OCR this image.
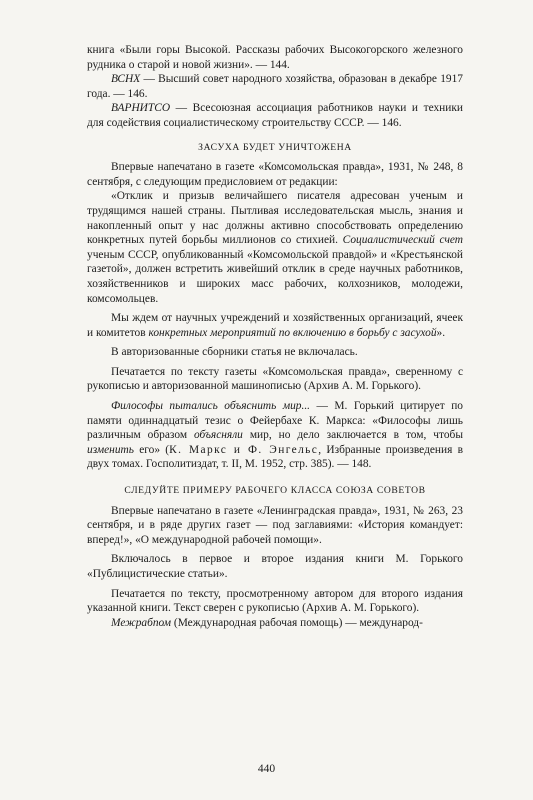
книга «Были горы Высокой. Рассказы рабочих Высокогорского железного рудника о старой и новой жизни». — 144.

ВСНХ — Высший совет народного хозяйства, образован в декабре 1917 года. — 146.

ВАРНИТСО — Всесоюзная ассоциация работников науки и техники для содействия социалистическому строительству СССР. — 146.

ЗАСУХА БУДЕТ УНИЧТОЖЕНА

Впервые напечатано в газете «Комсомольская правда», 1931, № 248, 8 сентября, с следующим предисловием от редакции:

«Отклик и призыв величайшего писателя адресован ученым и трудящимся нашей страны. Пытливая исследовательская мысль, знания и накопленный опыт у нас должны активно способствовать определению конкретных путей борьбы миллионов со стихией. Социалистический счет ученым СССР, опубликованный «Комсомольской правдой» и «Крестьянской газетой», должен встретить живейший отклик в среде научных работников, хозяйственников и широких масс рабочих, колхозников, молодежи, комсомольцев.

Мы ждем от научных учреждений и хозяйственных организаций, ячеек и комитетов конкретных мероприятий по включению в борьбу с засухой».

В авторизованные сборники статья не включалась.

Печатается по тексту газеты «Комсомольская правда», сверенному с рукописью и авторизованной машинописью (Архив А. М. Горького).

Философы пытались объяснить мир... — М. Горький цитирует по памяти одиннадцатый тезис о Фейербахе К. Маркса: «Философы лишь различным образом объясняли мир, но дело заключается в том, чтобы изменить его» (К. Маркс и Ф. Энгельс, Избранные произведения в двух томах. Госполитиздат, т. II, М. 1952, стр. 385). — 148.

СЛЕДУЙТЕ ПРИМЕРУ РАБОЧЕГО КЛАССА СОЮЗА СОВЕТОВ

Впервые напечатано в газете «Ленинградская правда», 1931, № 263, 23 сентября, и в ряде других газет — под заглавиями: «История командует: вперед!», «О международной рабочей помощи».

Включалось в первое и второе издания книги М. Горького «Публицистические статьи».

Печатается по тексту, просмотренному автором для второго издания указанной книги. Текст сверен с рукописью (Архив А. М. Горького).

Межрабпом (Международная рабочая помощь) — международ-

440
